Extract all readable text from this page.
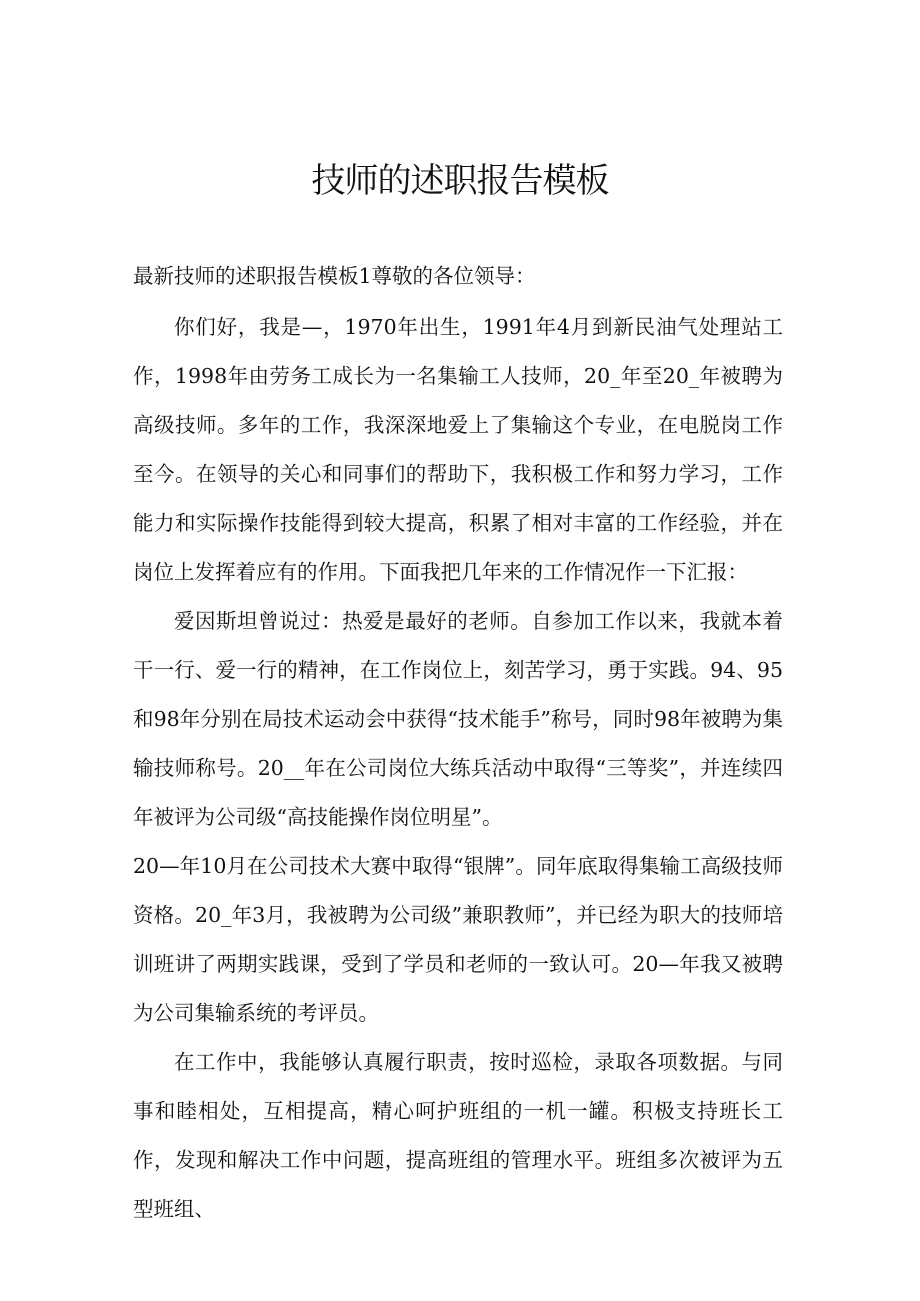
技师的述职报告模板

最新技师的述职报告模板1尊敬的各位领导：

你们好，我是—，1970年出生，1991年4月到新民油气处理站工作，1998年由劳务工成长为一名集输工人技师，20_年至20_年被聘为高级技师。多年的工作，我深深地爱上了集输这个专业，在电脱岗工作至今。在领导的关心和同事们的帮助下，我积极工作和努力学习，工作能力和实际操作技能得到较大提高，积累了相对丰富的工作经验，并在岗位上发挥着应有的作用。下面我把几年来的工作情况作一下汇报：

爱因斯坦曾说过：热爱是最好的老师。自参加工作以来，我就本着干一行、爱一行的精神，在工作岗位上，刻苦学习，勇于实践。94、95和98年分别在局技术运动会中获得“技术能手”称号，同时98年被聘为集输技师称号。20__年在公司岗位大练兵活动中取得“三等奖”，并连续四年被评为公司级“高技能操作岗位明星”。

20—年10月在公司技术大赛中取得“银牌”。同年底取得集输工高级技师资格。20_年3月，我被聘为公司级”兼职教师”，并已经为职大的技师培训班讲了两期实践课，受到了学员和老师的一致认可。20—年我又被聘为公司集输系统的考评员。

在工作中，我能够认真履行职责，按时巡检，录取各项数据。与同事和睦相处，互相提高，精心呵护班组的一机一罐。积极支持班长工作，发现和解决工作中问题，提高班组的管理水平。班组多次被评为五型班组、
